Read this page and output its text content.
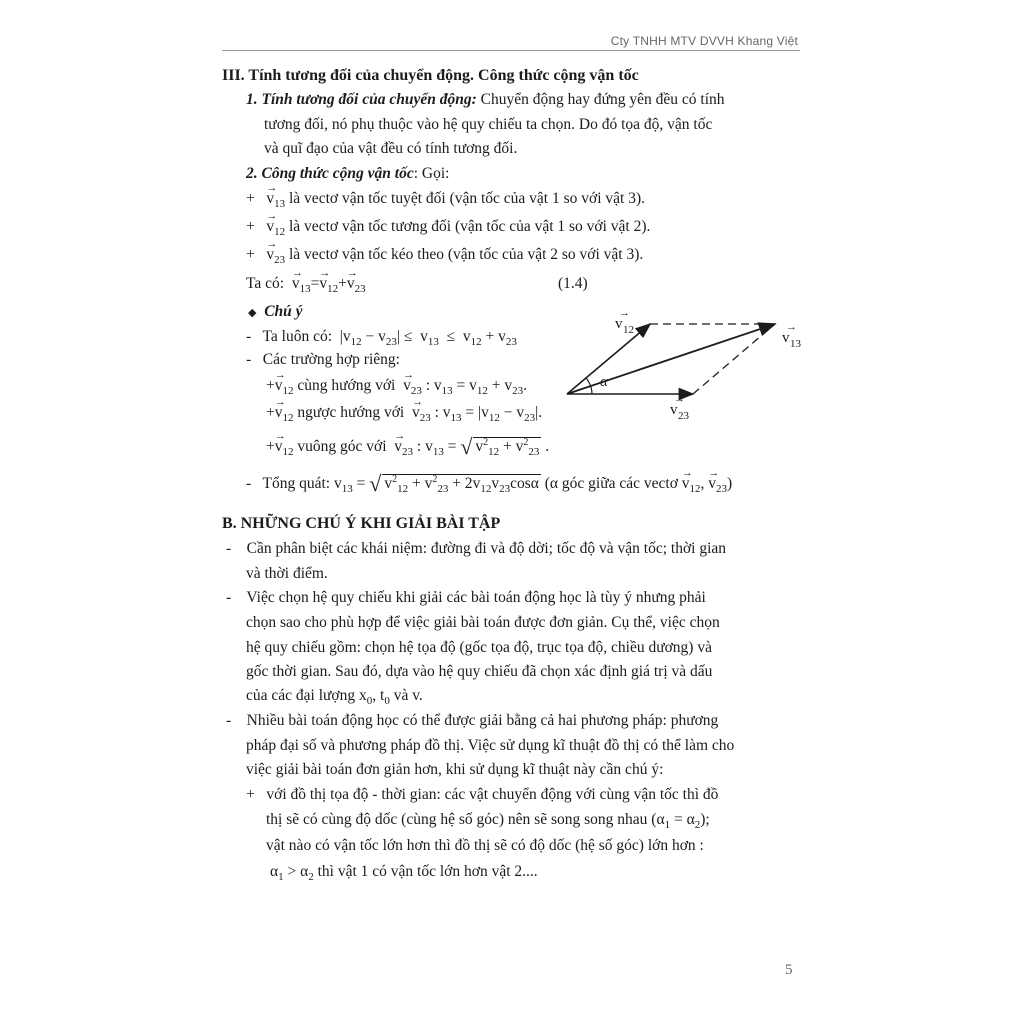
Cty TNHH MTV DVVH Khang Việt
III. Tính tương đối của chuyển động. Công thức cộng vận tốc
1. Tính tương đối của chuyển động: Chuyển động hay đứng yên đều có tính
tương đối, nó phụ thuộc vào hệ quy chiếu ta chọn. Do đó tọa độ, vận tốc
và quĩ đạo của vật đều có tính tương đối.
2. Công thức cộng vận tốc: Gọi:
+   → $v_{13}$ là vectơ vận tốc tuyệt đối (vận tốc của vật 1 so với vật 3).
+   → $v_{12}$ là vectơ vận tốc tương đối (vận tốc của vật 1 so với vật 2).
+   → $v_{23}$ là vectơ vận tốc kéo theo (vận tốc của vật 2 so với vật 3).
Ta có: → $v_{13}=\to v_{12}+\to v_{23}$	(1.4)
◆ Chú ý
-   Ta luôn có:  $|v_{12} - v_{23}| \le v_{13} \le v_{12} + v_{23}$
-   Các trường hợp riêng:
+→ $v_{12}$ cùng hướng với → $v_{23}$ : $v_{13} = v_{12} + v_{23}$.
+→ $v_{12}$ ngược hướng với → $v_{23}$ : $v_{13} = |v_{12} - v_{23}|$.
+→ $v_{12}$ vuông góc với → $v_{23}$ : $v_{13}$ = √ $v^2_{12} + v^2_{23}$ .
-   Tổng quát: $v_{13}$ = √ $v^2_{12} + v^2_{23} + 2v_{12}v_{23}\cos\alpha$ (α góc giữa các vectơ → $v_{12}$, → $v_{23}$)
α
v
→
12	v
→
13
v
→
23
B. NHỮNG CHÚ Ý KHI GIẢI BÀI TẬP
-    Cần phân biệt các khái niệm: đường đi và độ dời; tốc độ và vận tốc; thời gian
và thời điểm.
-    Việc chọn hệ quy chiếu khi giải các bài toán động học là tùy ý nhưng phải
chọn sao cho phù hợp để việc giải bài toán được đơn giản. Cụ thể, việc chọn
hệ quy chiếu gồm: chọn hệ tọa độ (gốc tọa độ, trục tọa độ, chiều dương) và
gốc thời gian. Sau đó, dựa vào hệ quy chiếu đã chọn xác định giá trị và dấu
của các đại lượng $x_0$, $t_0$ và v.
-    Nhiều bài toán động học có thể được giải bằng cả hai phương pháp: phương
pháp đại số và phương pháp đồ thị. Việc sử dụng kĩ thuật đồ thị có thể làm cho
việc giải bài toán đơn giản hơn, khi sử dụng kĩ thuật này cần chú ý:
+   với đồ thị tọa độ - thời gian: các vật chuyển động với cùng vận tốc thì đồ
thị sẽ có cùng độ dốc (cùng hệ số góc) nên sẽ song song nhau $(\alpha_1 = \alpha_2)$;
vật nào có vận tốc lớn hơn thì đồ thị sẽ có độ dốc (hệ số góc) lớn hơn :
$\alpha_1 > \alpha_2$ thì vật 1 có vận tốc lớn hơn vật 2....
5
